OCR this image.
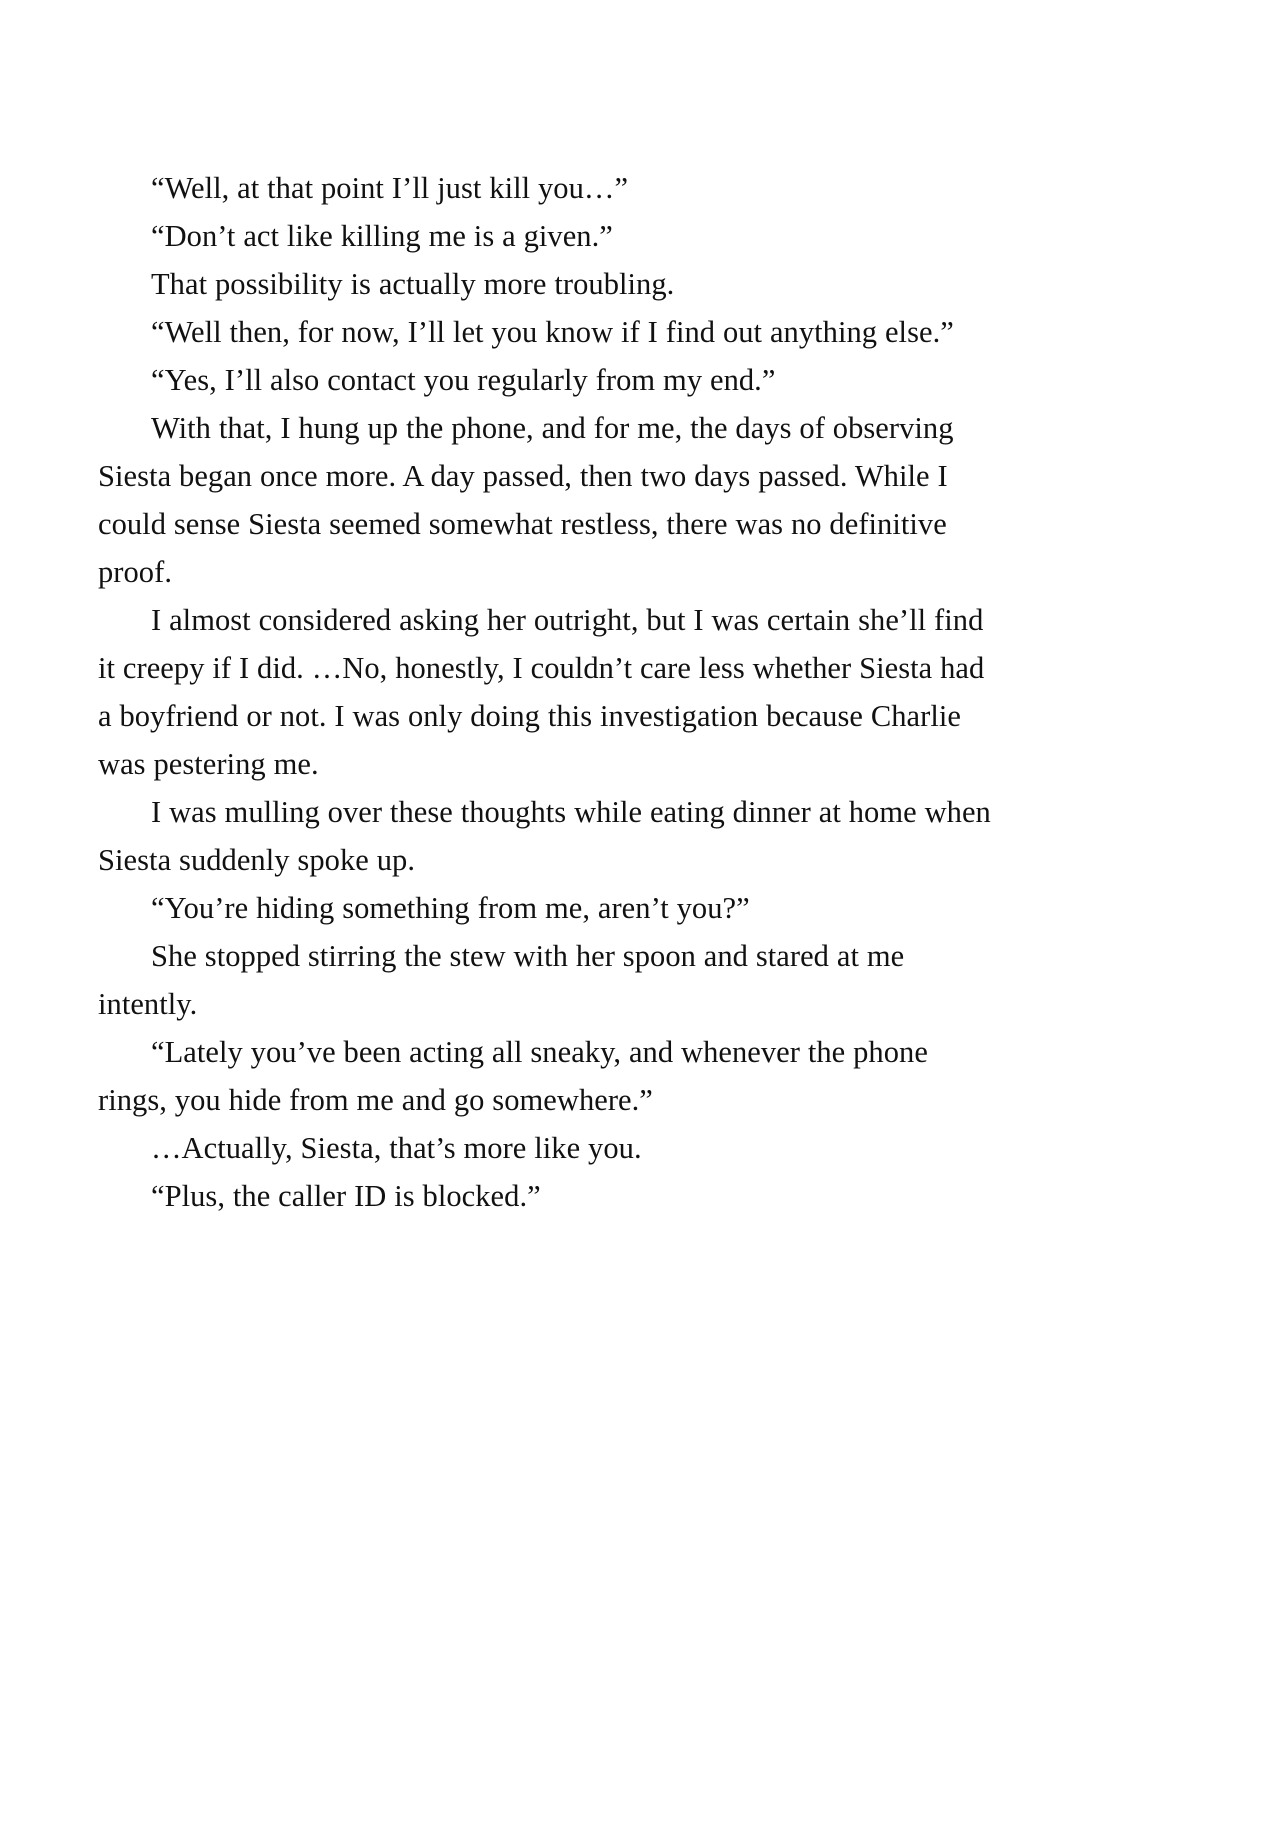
“Well, at that point I’ll just kill you…”

“Don’t act like killing me is a given.”

That possibility is actually more troubling.

“Well then, for now, I’ll let you know if I find out anything else.”

“Yes, I’ll also contact you regularly from my end.”

With that, I hung up the phone, and for me, the days of observing Siesta began once more. A day passed, then two days passed. While I could sense Siesta seemed somewhat restless, there was no definitive proof.

I almost considered asking her outright, but I was certain she’ll find it creepy if I did. …No, honestly, I couldn’t care less whether Siesta had a boyfriend or not. I was only doing this investigation because Charlie was pestering me.

I was mulling over these thoughts while eating dinner at home when Siesta suddenly spoke up.

“You’re hiding something from me, aren’t you?”

She stopped stirring the stew with her spoon and stared at me intently.

“Lately you’ve been acting all sneaky, and whenever the phone rings, you hide from me and go somewhere.”

…Actually, Siesta, that’s more like you.

“Plus, the caller ID is blocked.”
